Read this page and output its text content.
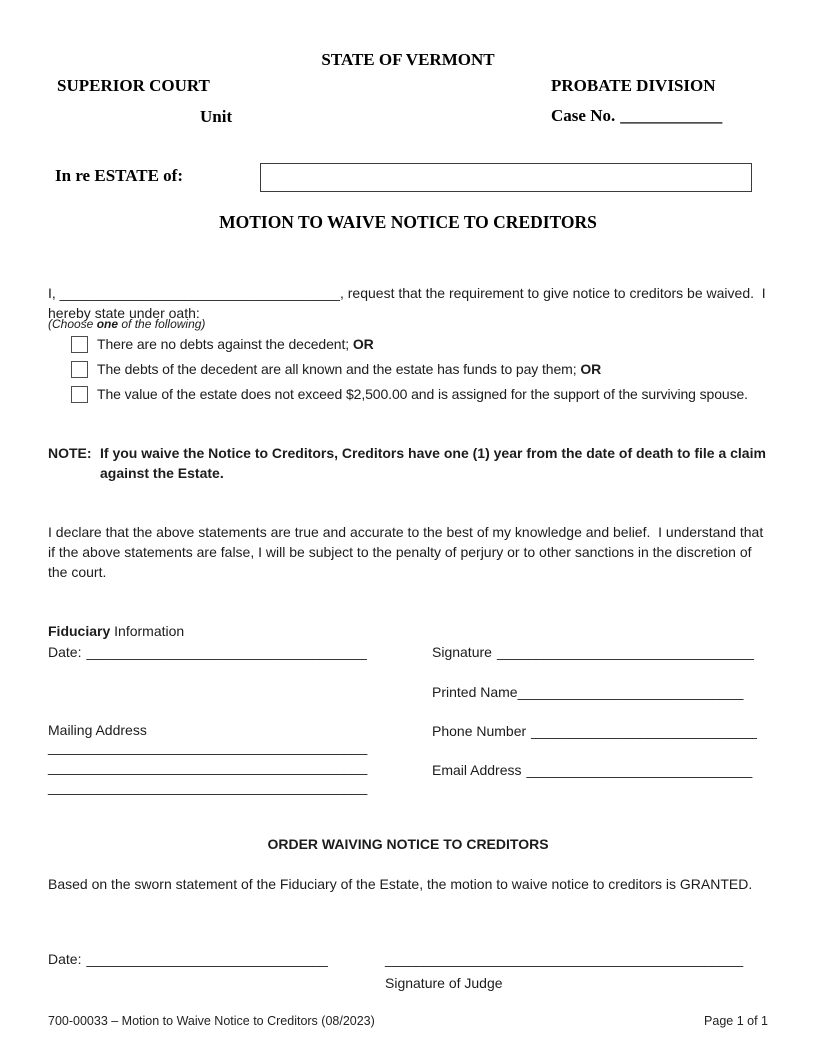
STATE OF VERMONT
SUPERIOR COURT	PROBATE DIVISION
Unit	Case No. ____________
In re ESTATE of:
MOTION TO WAIVE NOTICE TO CREDITORS
I, ____________________________________, request that the requirement to give notice to creditors be waived.  I hereby state under oath:
(Choose one of the following)
There are no debts against the decedent; OR
The debts of the decedent are all known and the estate has funds to pay them; OR
The value of the estate does not exceed $2,500.00 and is assigned for the support of the surviving spouse.
NOTE: If you waive the Notice to Creditors, Creditors have one (1) year from the date of death to file a claim against the Estate.
I declare that the above statements are true and accurate to the best of my knowledge and belief.  I understand that if the above statements are false, I will be subject to the penalty of perjury or to other sanctions in the discretion of the court.
Fiduciary Information
Date: ____________________________________	Signature _________________________________
Printed Name_____________________________
Mailing Address	Phone Number _____________________________
_________________________________________
_________________________________________
_________________________________________
Email Address _____________________________
ORDER WAIVING NOTICE TO CREDITORS
Based on the sworn statement of the Fiduciary of the Estate, the motion to waive notice to creditors is GRANTED.
Date: _______________________________	______________________________________________
Signature of Judge
700-00033 – Motion to Waive Notice to Creditors (08/2023)	Page 1 of 1
